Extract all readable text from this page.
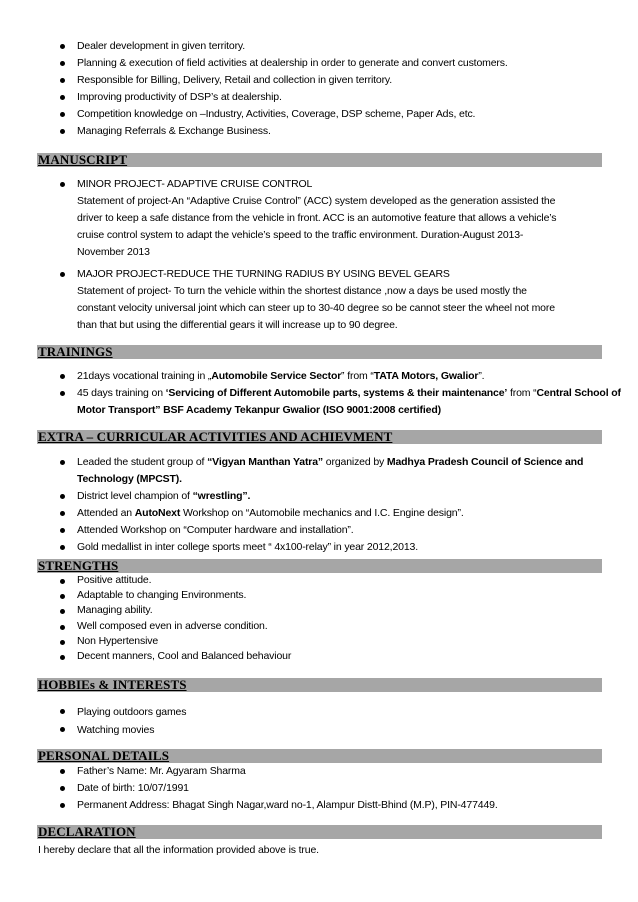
Dealer development in given territory.
Planning & execution of field activities at dealership in order to generate and convert customers.
Responsible for Billing, Delivery, Retail and collection in given territory.
Improving productivity of DSP’s at dealership.
Competition knowledge on –Industry, Activities, Coverage, DSP scheme, Paper Ads, etc.
Managing Referrals & Exchange Business.
MANUSCRIPT
MINOR PROJECT- ADAPTIVE CRUISE CONTROL
Statement of project-An “Adaptive Cruise Control” (ACC) system developed as the generation assisted the
driver to keep a safe distance from the vehicle in front. ACC is an automotive feature that allows a vehicle’s
cruise control system to adapt the vehicle’s speed to the traffic environment. Duration-August 2013-
November 2013
MAJOR PROJECT-REDUCE THE TURNING RADIUS BY USING BEVEL GEARS
Statement of project- To turn the vehicle within the shortest distance ,now a days be used mostly the
constant velocity universal joint which can steer up to 30-40 degree so be cannot steer the wheel not more
than that but using the differential gears it will increase up to 90 degree.
TRAININGS
21days vocational training in „Automobile Service Sector‟ from “TATA Motors, Gwalior”.
45 days training on ‘Servicing of Different Automobile parts, systems & their maintenance’ from “Central School of Motor Transport” BSF Academy Tekanpur Gwalior (ISO 9001:2008 certified)
EXTRA – CURRICULAR ACTIVITIES AND ACHIEVMENT
Leaded the student group of “Vigyan Manthan Yatra” organized by Madhya Pradesh Council of Science and Technology (MPCST).
District level champion of “wrestling”.
Attended an AutoNext Workshop on “Automobile mechanics and I.C. Engine design”.
Attended Workshop on “Computer hardware and installation”.
Gold medallist in inter college sports meet “ 4x100-relay” in year 2012,2013.
STRENGTHS
Positive attitude.
Adaptable to changing Environments.
Managing ability.
Well composed even in adverse condition.
Non Hypertensive
Decent manners, Cool and Balanced behaviour
HOBBIEs & INTERESTS
Playing outdoors games
Watching movies
PERSONAL DETAILS
Father’s Name: Mr. Agyaram Sharma
Date of birth: 10/07/1991
Permanent Address: Bhagat Singh Nagar,ward no-1, Alampur Distt-Bhind (M.P), PIN-477449.
DECLARATION
I hereby declare that all the information provided above is true.
